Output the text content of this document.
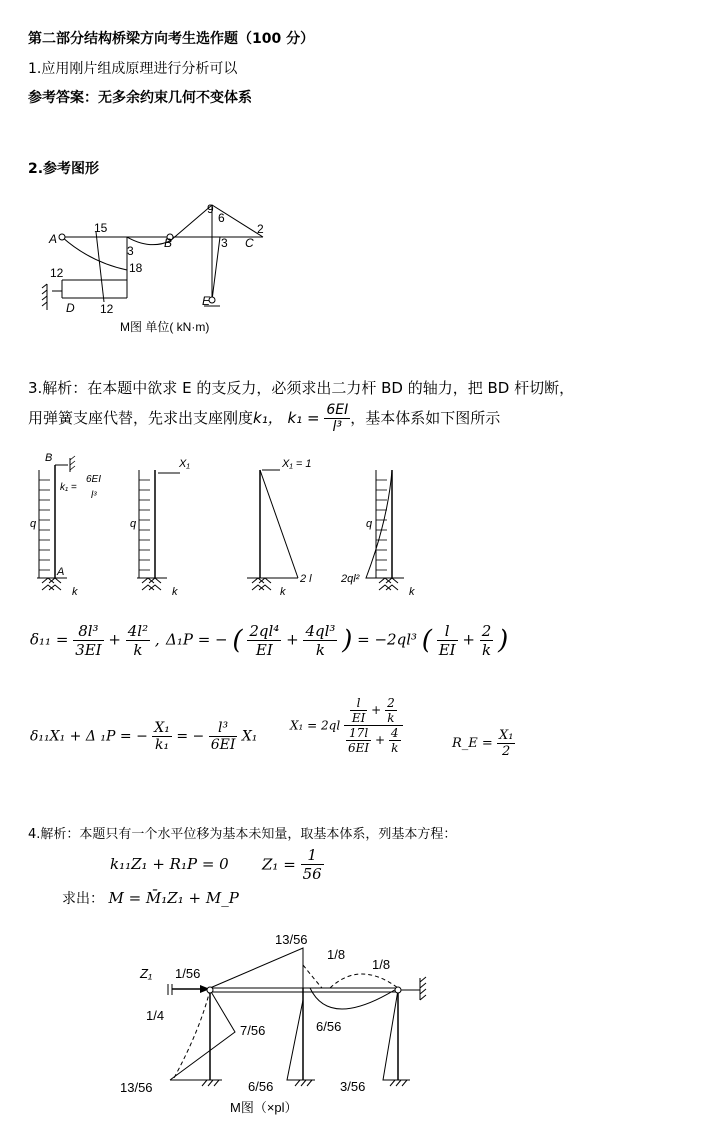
第二部分结构桥梁方向考生选作题（100 分）
1.应用刚片组成原理进行分析可以
参考答案：无多余约束几何不变体系
2.参考图形
A	B	C
D	E
15
9
6
2
3
3
18
12
12
M图 单位( kN·m)
3.解析：在本题中欲求 E 的支反力，必须求出二力杆 BD 的轴力，把 BD 杆切断，
用弹簧支座代替，先求出支座刚度k₁， $k_1 = \frac{6EI}{\text{l³}}$ ，基本体系如下图所示
B
A
q
k
k₁ =
6EI
l³
q
k
X₁	X₁ = 1
k
2 l
q
k
2ql²
$\delta_{11} = \frac{\text{8l³}}{3EI} + \frac{\text{4l²}}{k}$ , Δ₁P = − ( $\frac{\text{2ql⁴}}{EI} + \frac{\text{4ql³}}{k}$ ) = −2ql³ ( $\frac{l}{EI} + \frac{2}{k}$ )
δ₁₁X₁ + Δ ₁P = − $\frac{\text{X₁}}{\text{k₁}}$ = − $\frac{\text{l³}}{6EI} X_1$
$X_1 = 2ql \frac{\frac{l}{EI} + \frac{2}{k}}{\frac{17l}{6EI} + \frac{4}{k}}$	R_E = $\frac{\text{X₁}}{2}$
4.解析：本题只有一个水平位移为基本未知量，取基本体系，列基本方程：
k₁₁Z₁ + R₁P = 0 $Z_1 = \frac{1}{56}$
求出： M = M̄₁Z₁ + M_P
13/56
1/8
1/8
Z₁ 1/56
1/4
7/56	6/56
13/56	6/56	3/56
M图（×pl）
